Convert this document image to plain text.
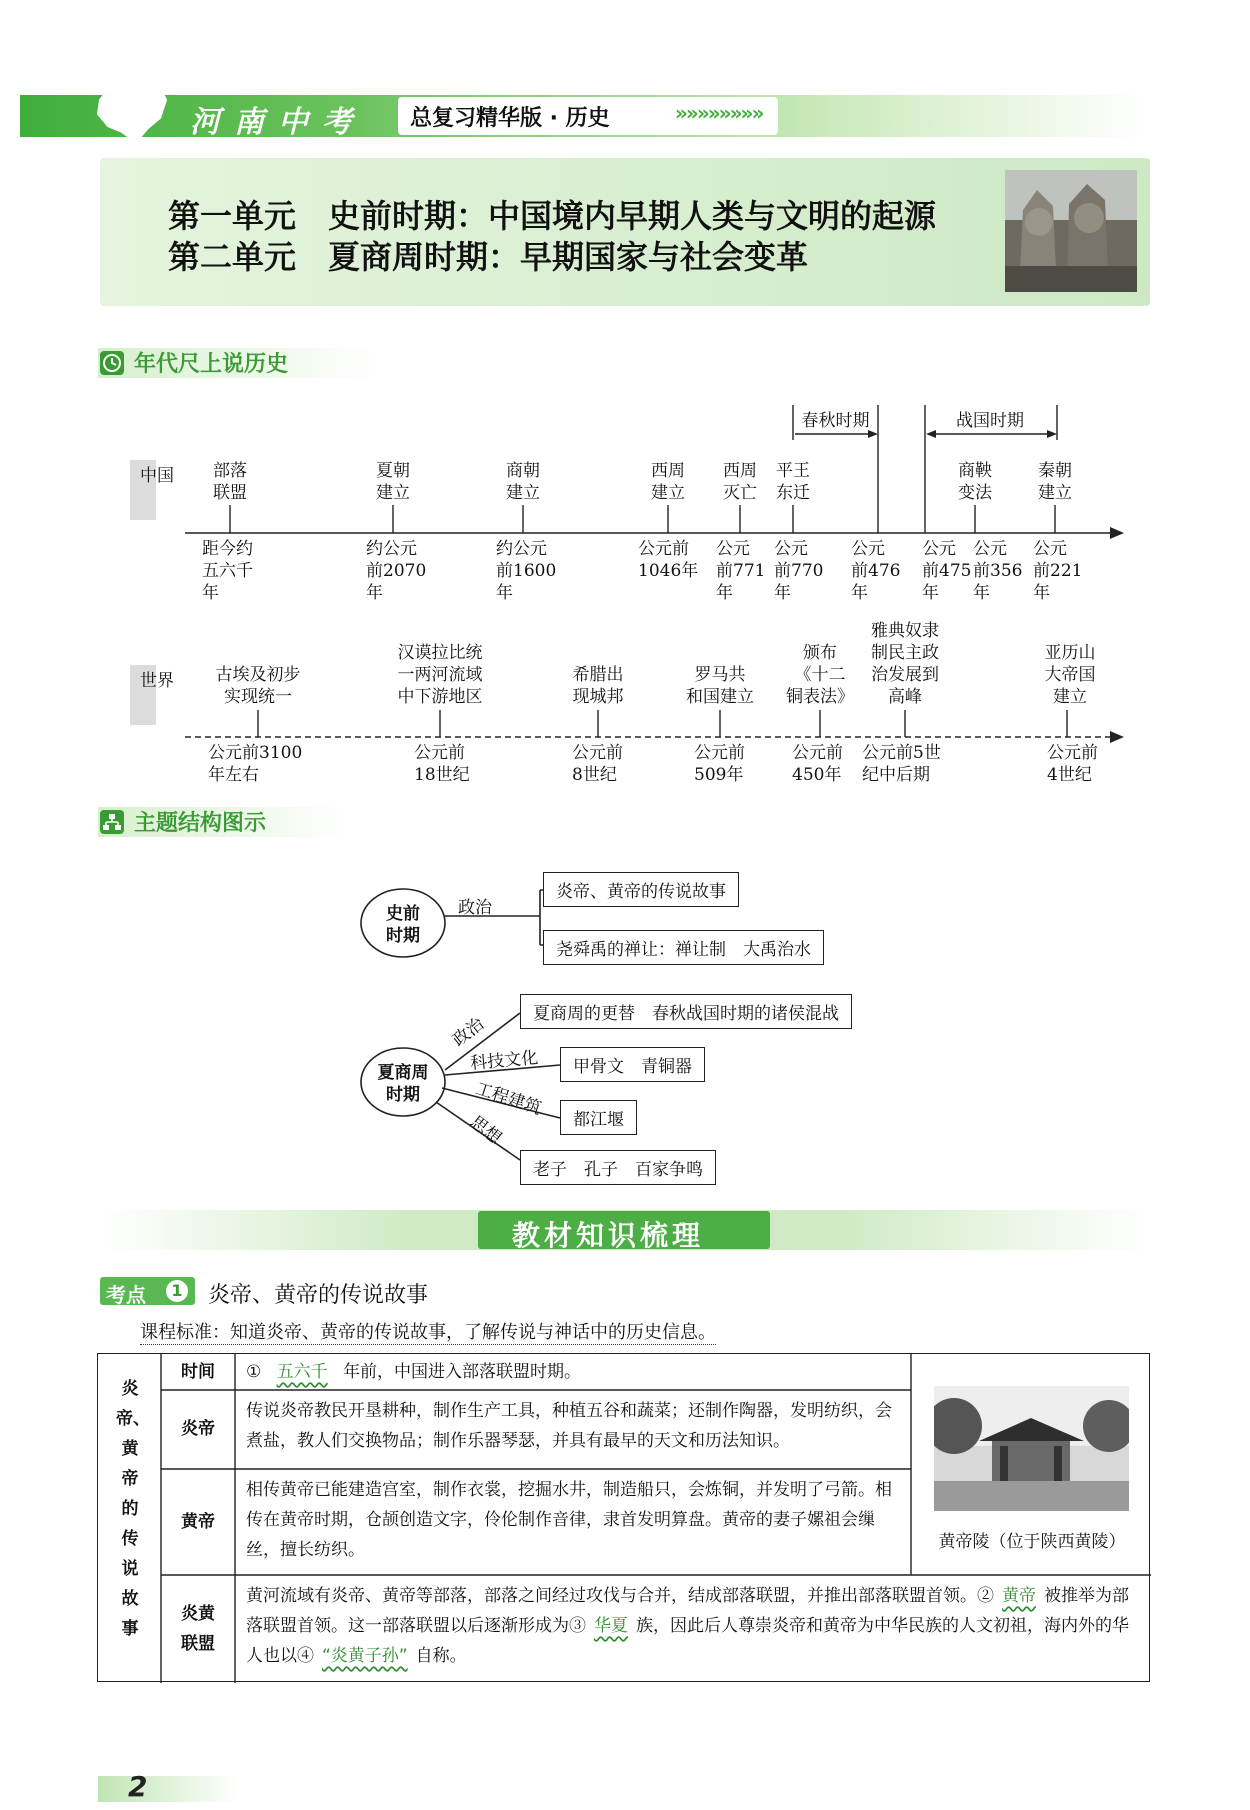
河南中考 总复习精华版 · 历史	»»»»»»»»
第一单元　史前时期：中国境内早期人类与文明的起源
第二单元　夏商周时期：早期国家与社会变革
年代尺上说历史
中国
世界
春秋时期	战国时期
部落
联盟
夏朝
建立
商朝
建立
西周
建立
西周
灭亡
平王
东迁
商鞅
变法
秦朝
建立
距今约
五六千
年
约公元
前2070
年
约公元
前1600
年
公元前
1046年
公元
前771
年
公元
前770
年
公元
前476
年
公元
前475
年
公元
前356
年
公元
前221
年
古埃及初步
实现统一
汉谟拉比统
一两河流域
中下游地区
希腊出
现城邦
罗马共
和国建立
颁布
《十二
铜表法》
雅典奴隶
制民主政
治发展到
高峰
亚历山
大帝国
建立
公元前3100
年左右
公元前
18世纪
公元前
8世纪
公元前
509年
公元前
450年
公元前5世
纪中后期
公元前
4世纪
主题结构图示
史前
时期
政治
炎帝、黄帝的传说故事
尧舜禹的禅让：禅让制　大禹治水
夏商周
时期
政治
科技文化
工程建筑
思想
夏商周的更替　春秋战国时期的诸侯混战
甲骨文　青铜器
都江堰
老子　孔子　百家争鸣
教材知识梳理
考点	1 炎帝、黄帝的传说故事
课程标准：知道炎帝、黄帝的传说故事，了解传说与神话中的历史信息。
炎帝、黄帝的传说故事
时间	① 五六千 年前，中国进入部落联盟时期。
炎帝
传说炎帝教民开垦耕种，制作生产工具，种植五谷和蔬菜；还制作陶器，发明纺织，会煮盐，教人们交换物品；制作乐器琴瑟，并具有最早的天文和历法知识。
黄帝
相传黄帝已能建造宫室，制作衣裳，挖掘水井，制造船只，会炼铜，并发明了弓箭。相传在黄帝时期，仓颉创造文字，伶伦制作音律，隶首发明算盘。黄帝的妻子嫘祖会缫丝，擅长纺织。
炎黄
联盟
黄河流域有炎帝、黄帝等部落，部落之间经过攻伐与合并，结成部落联盟，并推出部落联盟首领。② 黄帝 被推举为部落联盟首领。这一部落联盟以后逐渐形成为③ 华夏 族，因此后人尊崇炎帝和黄帝为中华民族的人文初祖，海内外的华人也以④ “炎黄子孙” 自称。
黄帝陵（位于陕西黄陵）
2
